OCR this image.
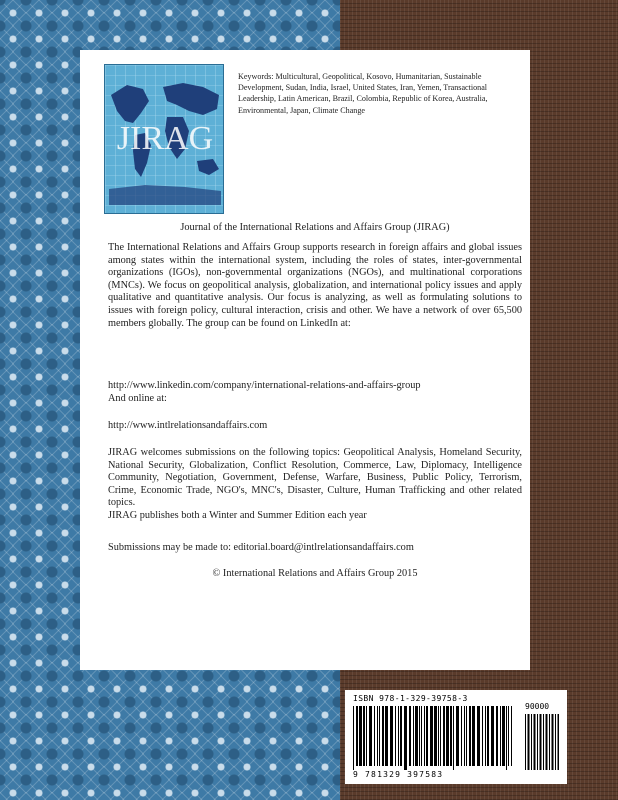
JIRAG
Keywords: Multicultural, Geopolitical, Kosovo, Humanitarian, Sustainable Development, Sudan, India, Israel, United States, Iran, Yemen, Transactional Leadership, Latin American, Brazil, Colombia, Republic of Korea, Australia, Environmental, Japan, Climate Change
Journal of the International Relations and Affairs Group (JIRAG)
The International Relations and Affairs Group supports research in foreign affairs and global issues among states within the international system, including the roles of states, inter-governmental organizations (IGOs), non-governmental organizations (NGOs), and multinational corporations (MNCs). We focus on geopolitical analysis, globalization, and international policy issues and apply qualitative and quantitative analysis. Our focus is analyzing, as well as formulating solutions to issues with foreign policy, cultural interaction, crisis and other. We have a network of over 65,500 members globally. The group can be found on LinkedIn at:
http://www.linkedin.com/company/international-relations-and-affairs-group
And online at:
http://www.intlrelationsandaffairs.com
JIRAG welcomes submissions on the following topics: Geopolitical Analysis, Homeland Security, National Security, Globalization, Conflict Resolution, Commerce, Law, Diplomacy, Intelligence Community, Negotiation, Government, Defense, Warfare, Business, Public Policy, Terrorism, Crime, Economic Trade, NGO's, MNC's, Disaster, Culture, Human Trafficking and other related topics.
JIRAG publishes both a Winter and Summer Edition each year
Submissions may be made to: editorial.board@intlrelationsandaffairs.com
© International Relations and Affairs Group 2015
ISBN 978-1-329-39758-3
90000
9 781329 397583
